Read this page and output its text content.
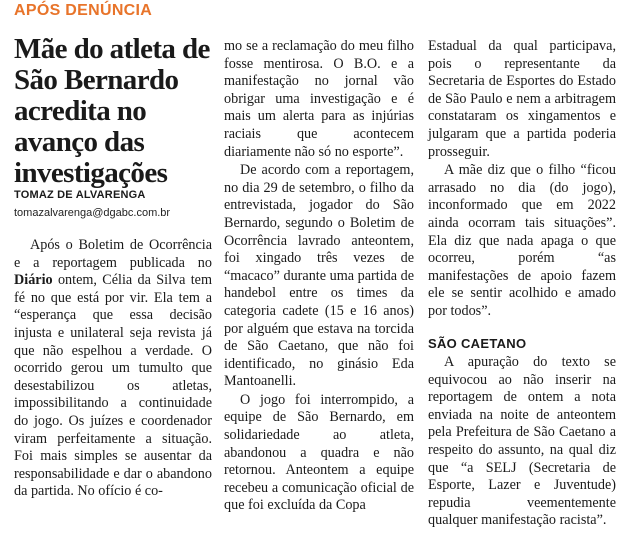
APÓS DENÚNCIA
Mãe do atleta de São Bernardo acredita no avanço das investigações
TOMAZ DE ALVARENGA
tomazalvarenga@dgabc.com.br

Após o Boletim de Ocorrência e a reportagem publicada no Diário ontem, Célia da Silva tem fé no que está por vir. Ela tem a “esperança que essa decisão injusta e unilateral seja revista já que não espelhou a verdade. O ocorrido gerou um tumulto que desestabilizou os atletas, impossibilitando a continuidade do jogo. Os juízes e coordenador viram perfeitamente a situação. Foi mais simples se ausentar da responsabilidade e dar o abandono da partida. No ofício é co-

mo se a reclamação do meu filho fosse mentirosa. O B.O. e a manifestação no jornal vão obrigar uma investigação e é mais um alerta para as injúrias raciais que acontecem diariamente não só no esporte”.

De acordo com a reportagem, no dia 29 de setembro, o filho da entrevistada, jogador do São Bernardo, segundo o Boletim de Ocorrência lavrado anteontem, foi xingado três vezes de “macaco” durante uma partida de handebol entre os times da categoria cadete (15 e 16 anos) por alguém que estava na torcida de São Caetano, que não foi identificado, no ginásio Eda Mantoanelli.

O jogo foi interrompido, a equipe de São Bernardo, em solidariedade ao atleta, abandonou a quadra e não retornou. Anteontem a equipe recebeu a comunicação oficial de que foi excluída da Copa

Estadual da qual participava, pois o representante da Secretaria de Esportes do Estado de São Paulo e nem a arbitragem constataram os xingamentos e julgaram que a partida poderia prosseguir.

A mãe diz que o filho “ficou arrasado no dia (do jogo), inconformado que em 2022 ainda ocorram tais situações”. Ela diz que nada apaga o que ocorreu, porém “as manifestações de apoio fazem ele se sentir acolhido e amado por todos”.

SÃO CAETANO

A apuração do texto se equivocou ao não inserir na reportagem de ontem a nota enviada na noite de anteontem pela Prefeitura de São Caetano a respeito do assunto, na qual diz que “a SELJ (Secretaria de Esporte, Lazer e Juventude) repudia veementemente qualquer manifestação racista”.
